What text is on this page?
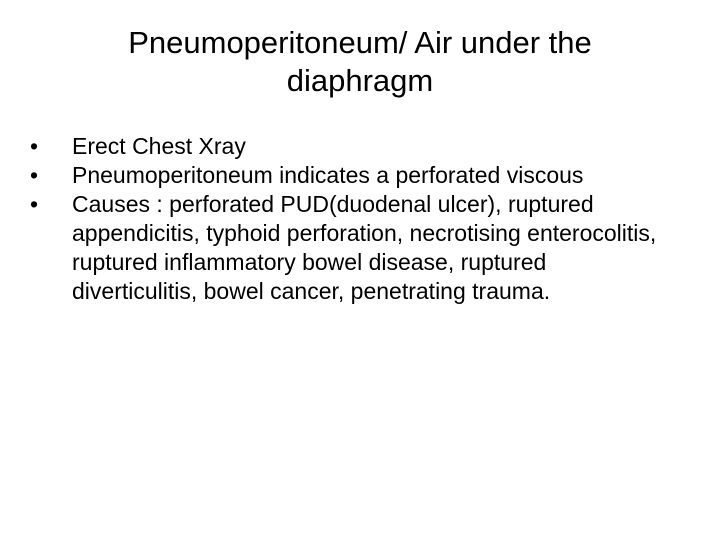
Pneumoperitoneum/ Air under the
diaphragm
•	Erect Chest Xray
•	Pneumoperitoneum indicates a perforated viscous
•	Causes : perforated PUD(duodenal ulcer), ruptured appendicitis, typhoid perforation, necrotising enterocolitis, ruptured inflammatory bowel disease, ruptured diverticulitis, bowel cancer, penetrating trauma.
